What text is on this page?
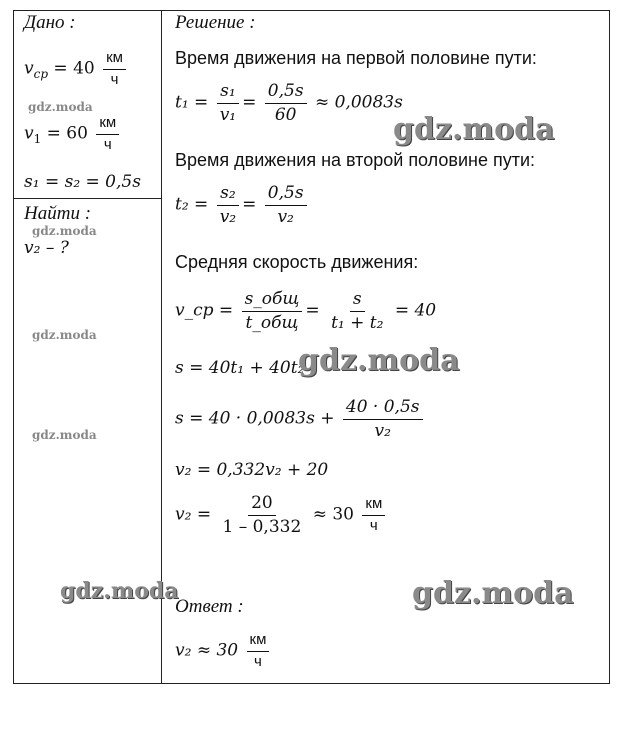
Дано :
$v_{ср} = 40 \frac{км}{ч}$
$v_1 = 60 \frac{км}{ч}$
s₁ = s₂ = 0,5s
Найти :
v₂ – ?
Решение :
Время движения на первой половине пути:
$t_1 = \frac{\text{s₁}}{\text{v₁}} = \frac{0,5s}{60} \approx 0,0083s$
Время движения на второй половине пути:
$t_2 = \frac{\text{s₂}}{\text{v₂}} = \frac{0,5s}{\text{v₂}}$
Средняя скорость движения:
v_ср = $\frac{\text{s\_общ}}{\text{t\_общ}} = \frac{s}{\text{t₁ + t₂}} = 40$
s = 40t₁ + 40t₂
$s = 40 \cdot 0,0083s + \frac{40 \cdot 0,5s}{\text{v₂}}$
v₂ = 0,332v₂ + 20
$v_2 = \frac{20}{1 - 0,332} \approx 30 \frac{км}{ч}$
Ответ :
$v_2 \approx 30 \frac{км}{ч}$
gdz.moda
gdz.moda
gdz.moda
gdz.moda
gdz.moda
gdz.moda
gdz.moda
gdz.moda
